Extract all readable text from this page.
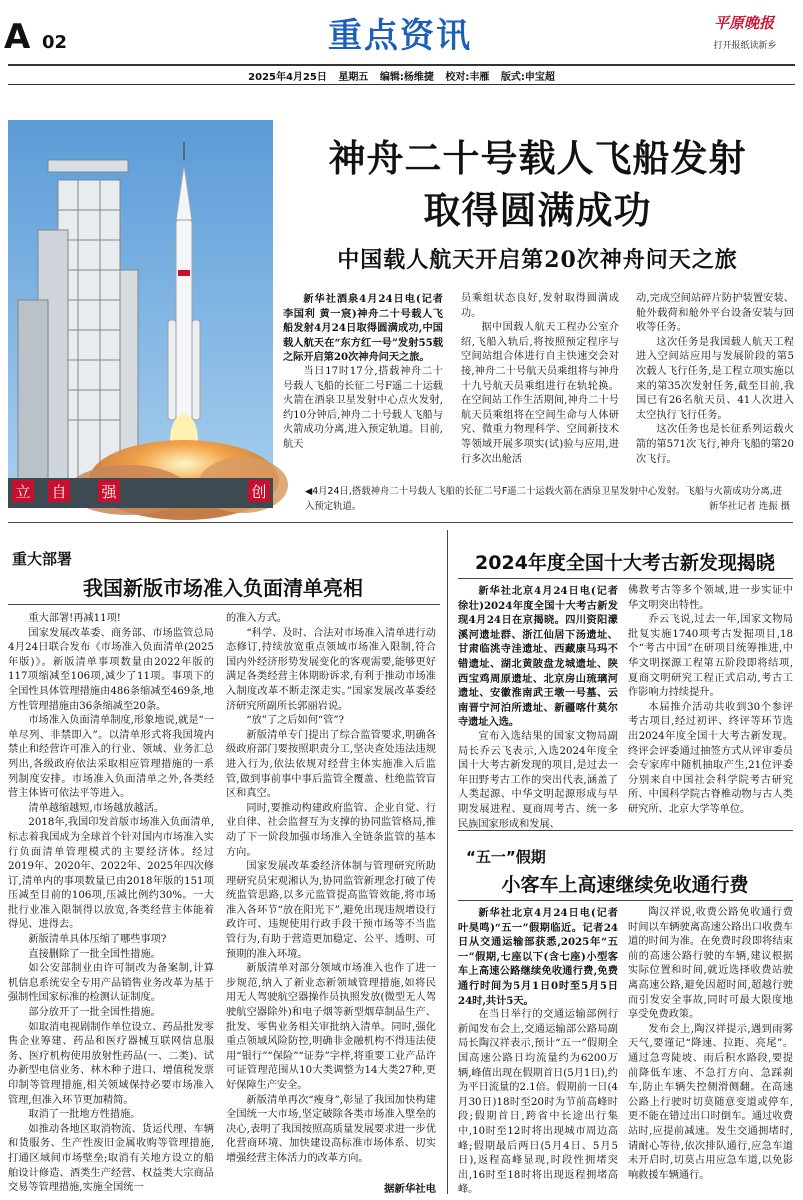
A 02	重点资讯	平原晚报
打开报纸读新乡
2025年4月25日 星期五 编辑:杨维捷 校对:丰雁 版式:申宝超
立 自 强	创
神舟二十号载人飞船发射
取得圆满成功
中国载人航天开启第20次神舟问天之旅

新华社酒泉4月24日电(记者 李国利 黄一宸)神舟二十号载人飞船发射4月24日取得圆满成功,中国载人航天在“东方红一号”发射55载之际开启第20次神舟问天之旅。

当日17时17分,搭载神舟二十号载人飞船的长征二号F遥二十运载火箭在酒泉卫星发射中心点火发射,约10分钟后,神舟二十号载人飞船与火箭成功分离,进入预定轨道。目前,航天

员乘组状态良好,发射取得圆满成功。

据中国载人航天工程办公室介绍,飞船入轨后,将按照预定程序与空间站组合体进行自主快速交会对接,神舟二十号航天员乘组将与神舟十九号航天员乘组进行在轨轮换。在空间站工作生活期间,神舟二十号航天员乘组将在空间生命与人体研究、微重力物理科学、空间新技术等领域开展多项实(试)验与应用,进行多次出舱活

动,完成空间站碎片防护装置安装、舱外载荷和舱外平台设备安装与回收等任务。

这次任务是我国载人航天工程进入空间站应用与发展阶段的第5次载人飞行任务,是工程立项实施以来的第35次发射任务,截至目前,我国已有26名航天员、41人次进入太空执行飞行任务。

这次任务也是长征系列运载火箭的第571次飞行,神舟飞船的第20次飞行。

◀4月24日,搭载神舟二十号载人飞船的长征二号F遥二十运载火箭在酒泉卫星发射中心发射。飞船与火箭成功分离,进入预定轨道。	新华社记者 连振 摄
重大部署
我国新版市场准入负面清单亮相

重大部署!再减11项!

国家发展改革委、商务部、市场监管总局4月24日联合发布《市场准入负面清单(2025年版)》。新版清单事项数量由2022年版的117项缩减至106项,减少了11项。事项下的全国性具体管理措施由486条缩减至469条,地方性管理措施由36条缩减至20条。

市场准入负面清单制度,形象地说,就是“一单尽列、非禁即入”。以清单形式将我国境内禁止和经营许可准入的行业、领域、业务汇总列出,各级政府依法采取相应管理措施的一系列制度安排。市场准入负面清单之外,各类经营主体皆可依法平等进入。

清单越缩越短,市场越放越活。

2018年,我国印发首版市场准入负面清单,标志着我国成为全球首个针对国内市场准入实行负面清单管理模式的主要经济体。经过2019年、2020年、2022年、2025年四次修订,清单内的事项数量已由2018年版的151项压减至目前的106项,压减比例约30%。一大批行业准入限制得以放宽,各类经营主体能着得见、进得去。

新版清单具体压缩了哪些事项?

直接删除了一批全国性措施。

如公安部制业由许可制改为备案制,计算机信息系统安全专用产品销售业务改革为基于强制性国家标准的检测认证制度。

部分放开了一批全国性措施。

如取消电视剧制作单位设立、药品批发零售企业筹建、药品和医疗器械互联网信息服务、医疗机构使用放射性药品(一、二类)、试办新型电信业务、林木种子进口、增值税发票印制等管理措施,相关领域保持必要市场准入管理,但准入环节更加精简。

取消了一批地方性措施。

如推动各地区取消物流、货运代理、车辆和货服务、生产性废旧金属收购等管理措施,打通区域间市场壁垒;取消有关地方设立的船舶设计修造、酒类生产经营、权益类大宗商品交易等管理措施,实施全国统一

的准入方式。

“科学、及时、合法对市场准入清单进行动态修订,持续放宽重点领域市场准入限制,符合国内外经济形势发展变化的客观需要,能够更好满足各类经营主体期盼诉求,有利于推动市场准入制度改革不断走深走实。”国家发展改革委经济研究所副所长郭丽岩说。

“放”了之后如何“管”?

新版清单专门提出了综合监管要求,明确各级政府部门要按照职责分工,坚决查处违法违规进入行为,依法依规对经营主体实施准入后监管,做到事前事中事后监管全覆盖、杜绝监管盲区和真空。

同时,要推动构建政府监管、企业自觉、行业自律、社会监督互为支撑的协同监管格局,推动了下一阶段加强市场准入全链条监管的基本方向。

国家发展改革委经济体制与管理研究所助理研究员宋观湘认为,协同监管新理念打破了传统监管思路,以多元监管提高监管效能,将市场准入各环节“放在阳光下”,避免出现违规增设行政许可、违规使用行政手段干预市场等不当监管行为,有助于营造更加稳定、公平、透明、可预期的准入环境。

新版清单对部分领域市场准入也作了进一步规范,纳入了新业态新领域管理措施,如将民用无人驾驶航空器操作员执照发放(微型无人驾驶航空器除外)和电子烟等新型烟草制品生产、批发、零售业务相关审批纳入清单。同时,强化重点领域风险防控,明确非金融机构不得违法使用“银行”“保险”“证券”字样,将重要工业产品许可证管理范围从10大类调整为14大类27种,更好保障生产安全。

新版清单再次“瘦身”,彰显了我国加快构建全国统一大市场,坚定破除各类市场准入壁垒的决心,表明了我国按照高质量发展要求进一步优化营商环境、加快建设高标准市场体系、切实增强经营主体活力的改革方向。

据新华社电
2024年度全国十大考古新发现揭晓

新华社北京4月24日电(记者 徐壮)2024年度全国十大考古新发现4月24日在京揭晓。四川资阳濛溪河遗址群、浙江仙居下汤遗址、甘肃临洮寺洼遗址、西藏康马玛不错遗址、湖北黄陂盘龙城遗址、陕西宝鸡周原遗址、北京房山琉璃河遗址、安徽淮南武王墩一号墓、云南晋宁河泊所遗址、新疆喀什莫尔寺遗址入选。

宣布入选结果的国家文物局副局长乔云飞表示,入选2024年度全国十大考古新发现的项目,是过去一年田野考古工作的突出代表,涵盖了人类起源、中华文明起源形成与早期发展进程、夏商周考古、统一多民族国家形成和发展、

佛教考古等多个领域,进一步实证中华文明突出特性。

乔云飞说,过去一年,国家文物局批复实施1740项考古发掘项目,18个“考古中国”在研项目统筹推进,中华文明探源工程第五阶段即将结项,夏商文明研究工程正式启动,考古工作影响力持续提升。

本届推介活动共收到30个参评考古项目,经过初评、终评等环节选出2024年度全国十大考古新发现。终评会评委通过抽签方式从评审委员会专家库中随机抽取产生,21位评委分别来自中国社会科学院考古研究所、中国科学院古脊椎动物与古人类研究所、北京大学等单位。

“五一”假期
小客车上高速继续免收通行费

新华社北京4月24日电(记者 叶昊鸣)“五一”假期临近。记者24日从交通运输部获悉,2025年“五一”假期,七座以下(含七座)小型客车上高速公路继续免收通行费,免费通行时间为5月1日0时至5月5日24时,共计5天。

在当日举行的交通运输部例行新闻发布会上,交通运输部公路局副局长陶汉祥表示,预计“五一”假期全国高速公路日均流量约为6200万辆,峰值出现在假期首日(5月1日),约为平日流量的2.1倍。假期前一日(4月30日)18时至20时为节前高峰时段;假期首日,跨省中长途出行集中,10时至12时将出现城市周边高峰;假期最后两日(5月4日、5月5日),返程高峰显现,时段性拥堵突出,16时至18时将出现返程拥堵高峰。

陶汉祥说,收费公路免收通行费时间以车辆驶离高速公路出口收费车道的时间为准。在免费时段即将结束前的高速公路行驶的车辆,建议根据实际位置和时间,就近选择收费站驶离高速公路,避免因超时间,超越行驶而引发安全事故,同时可最大限度地享受免费政策。

发布会上,陶汉祥提示,遇到雨雾天气,要谨记“降速、拉距、亮尾”。通过急弯陡坡、雨后积水路段,要提前降低车速、不急打方向、急踩刹车,防止车辆失控侧滑侧翻。在高速公路上行驶时切莫随意变道或停车,更不能在错过出口时倒车。通过收费站时,应提前减速。发生交通拥堵时,请耐心等待,依次排队通行,应急车道未开启时,切莫占用应急车道,以免影响救援车辆通行。
